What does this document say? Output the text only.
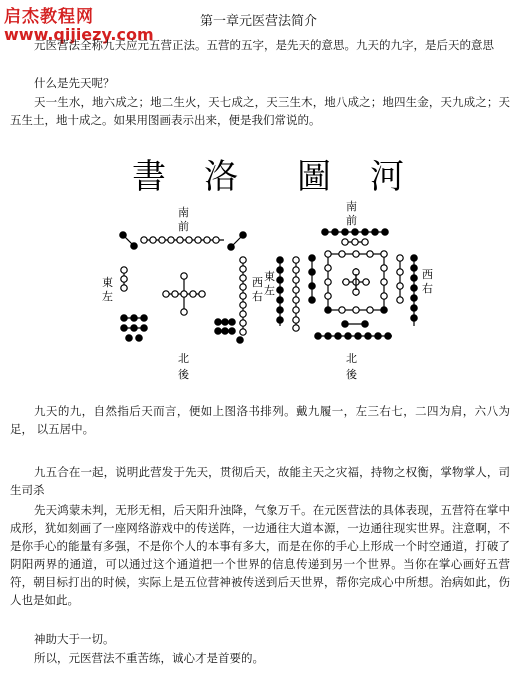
启杰教程网
www.qijiezy.com
第一章元医营法简介
元医营法全称九天应元五营正法。五营的五字，是先天的意思。九天的九字，是后天的意思
什么是先天呢？
天一生水，地六成之；地二生火，天七成之，天三生木，地八成之；地四生金，天九成之；天五生土，地十成之。如果用图画表示出来，便是我们常说的。
書 洛
南
前
東
左
西
右
北
後
圖 河
南
前
東
左
西
右
北
後
九天的九，自然指后天而言，便如上图洛书排列。戴九履一，左三右七，二四为肩，六八为足， 以五居中。
九五合在一起，说明此营发于先天，贯彻后天，故能主天之灾福，持物之权衡，掌物掌人，司生司杀
先天鸿蒙未判，无形无相，后天阳升浊降，气象万千。在元医营法的具体表现，五营符在掌中成形，犹如刻画了一座网络游戏中的传送阵，一边通往大道本源，一边通往现实世界。注意啊，不是你手心的能量有多强，不是你个人的本事有多大，而是在你的手心上形成一个时空通道，打破了阴阳两界的通道，可以通过这个通道把一个世界的信息传递到另一个世界。当你在掌心画好五营符，朝目标打出的时候，实际上是五位营神被传送到后天世界，帮你完成心中所想。治病如此，伤人也是如此。
神助大于一切。
所以，元医营法不重苦练，诚心才是首要的。
